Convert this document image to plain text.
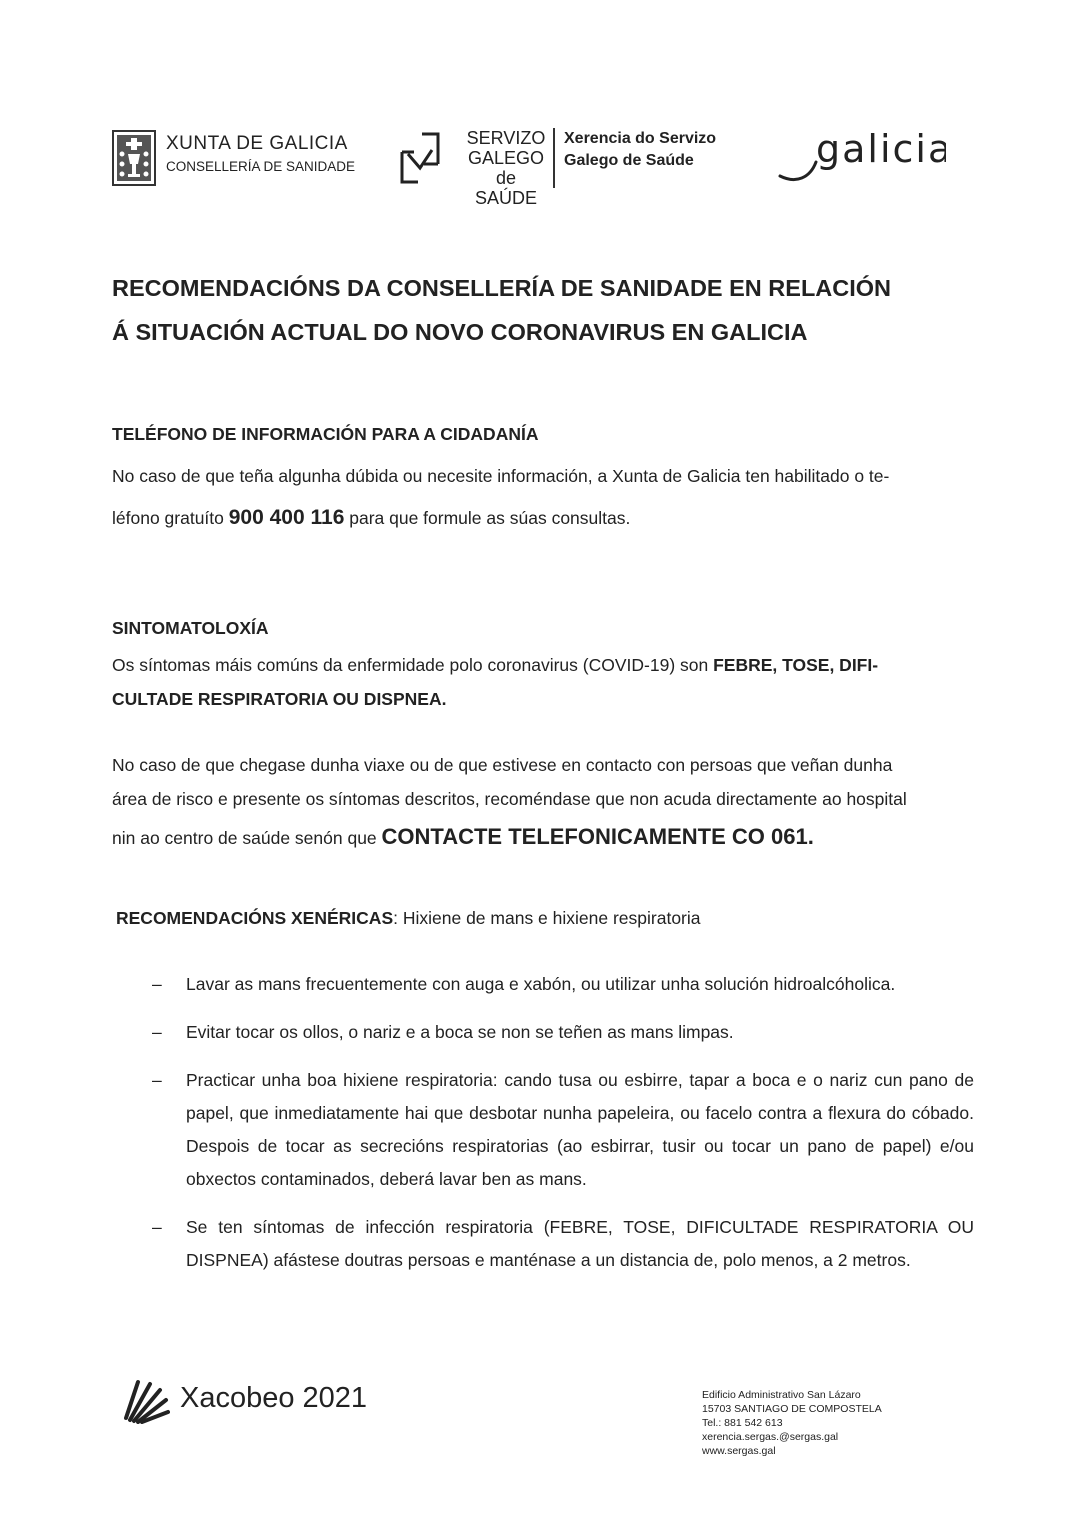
XUNTA DE GALICIA
CONSELLERÍA DE SANIDADE
SERVIZO
GALEGO
de SAÚDE
Xerencia do Servizo
Galego de Saúde	galicia
RECOMENDACIÓNS DA CONSELLERÍA DE SANIDADE EN RELACIÓN
Á SITUACIÓN ACTUAL DO NOVO CORONAVIRUS EN GALICIA
TELÉFONO DE INFORMACIÓN PARA A CIDADANÍA
No caso de que teña algunha dúbida ou necesite información, a Xunta de Galicia ten habilitado o te-
léfono gratuíto 900 400 116 para que formule as súas consultas.
SINTOMATOLOXÍA
Os síntomas máis comúns da enfermidade polo coronavirus (COVID-19) son FEBRE, TOSE, DIFI-
CULTADE RESPIRATORIA OU DISPNEA.
No caso de que chegase dunha viaxe ou de que estivese en contacto con persoas que veñan dunha
área de risco e presente os síntomas descritos, recoméndase que non acuda directamente ao hospital
nin ao centro de saúde senón que CONTACTE TELEFONICAMENTE CO 061.
RECOMENDACIÓNS XENÉRICAS: Hixiene de mans e hixiene respiratoria
–	Lavar as mans frecuentemente con auga e xabón, ou utilizar unha solución hidroalcóholica.
–	Evitar tocar os ollos, o nariz e a boca se non se teñen as mans limpas.
–	Practicar unha boa hixiene respiratoria: cando tusa ou esbirre, tapar a boca e o nariz cun pano de papel, que inmediatamente hai que desbotar nunha papeleira, ou facelo contra a flexura do cóbado. Despois de tocar as secrecións respiratorias (ao esbirrar, tusir ou tocar un pano de papel) e/ou obxectos contaminados, deberá lavar ben as mans.
–	Se ten síntomas de infección respiratoria (FEBRE, TOSE, DIFICULTADE RESPIRATORIA OU DISPNEA) afástese doutras persoas e manténase a un distancia de, polo menos, a 2 metros.
Xacobeo 2021	Edificio Administrativo San Lázaro
15703 SANTIAGO DE COMPOSTELA
Tel.: 881 542 613
xerencia.sergas.@sergas.gal
www.sergas.gal
